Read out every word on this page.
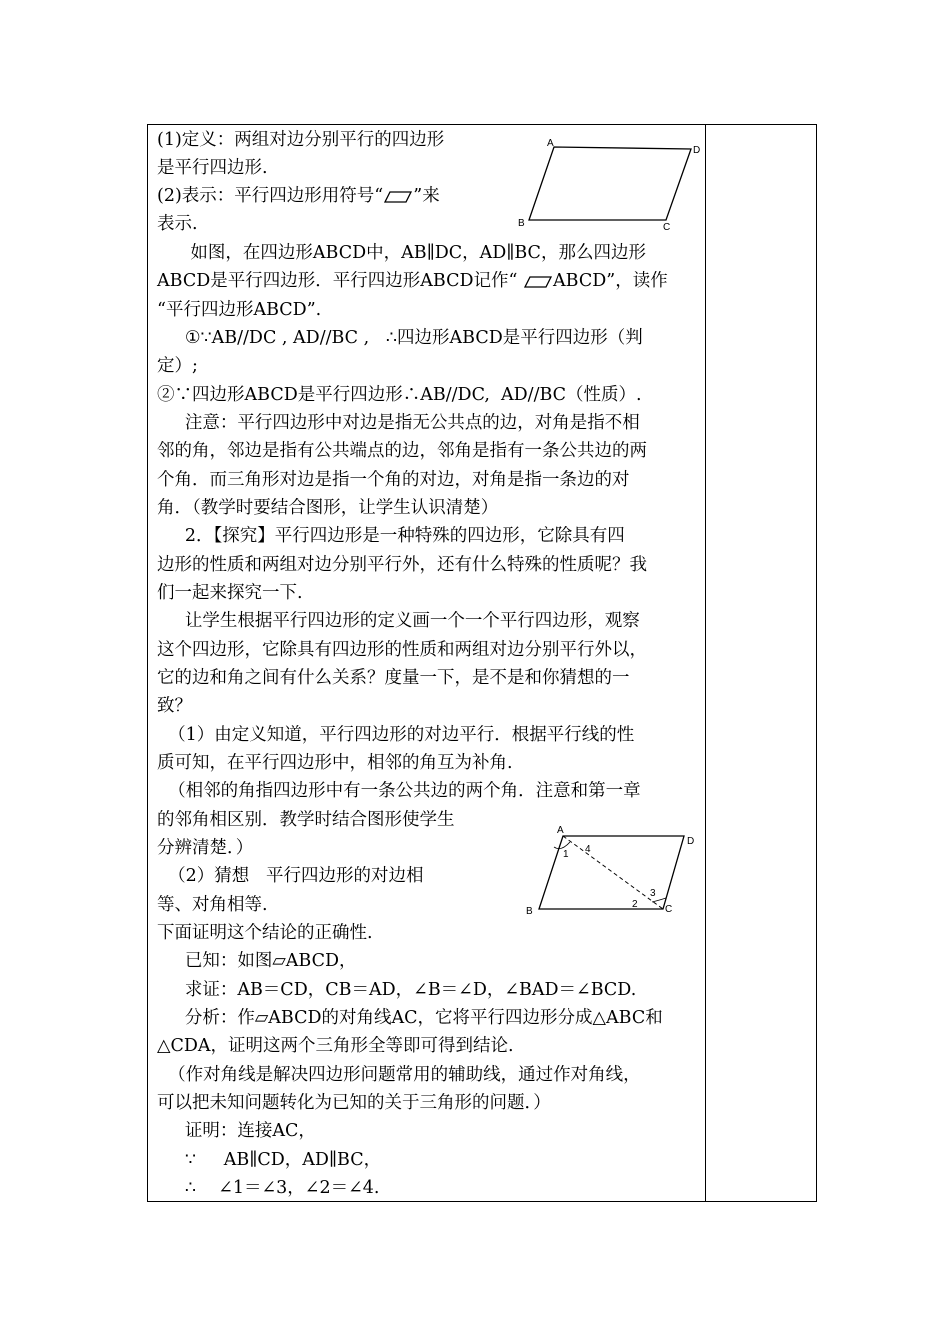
(1)定义：两组对边分别平行的四边形
是平行四边形.
(2)表示：平行四边形用符号“ ”来
表示.
如图，在四边形ABCD中，AB∥DC，AD∥BC，那么四边形
ABCD是平行四边形．平行四边形ABCD记作“ ABCD”，读作
“平行四边形ABCD”.
①∵AB//DC , AD//BC ,   ∴四边形ABCD是平行四边形（判
定）;
②∵四边形ABCD是平行四边形∴AB//DC,  AD//BC（性质）.
注意：平行四边形中对边是指无公共点的边，对角是指不相
邻的角，邻边是指有公共端点的边，邻角是指有一条公共边的两
个角．而三角形对边是指一个角的对边，对角是指一条边的对
角．（教学时要结合图形，让学生认识清楚）
2．【探究】平行四边形是一种特殊的四边形，它除具有四
边形的性质和两组对边分别平行外，还有什么特殊的性质呢？我
们一起来探究一下.
让学生根据平行四边形的定义画一个一个平行四边形，观察
这个四边形，它除具有四边形的性质和两组对边分别平行外以，
它的边和角之间有什么关系？度量一下，是不是和你猜想的一
致？
（1）由定义知道，平行四边形的对边平行．根据平行线的性
质可知，在平行四边形中，相邻的角互为补角.
（相邻的角指四边形中有一条公共边的两个角．注意和第一章
的邻角相区别．教学时结合图形使学生
分辨清楚．）
（2）猜想   平行四边形的对边相
等、对角相等.
下面证明这个结论的正确性.
已知：如图▱ABCD，
求证：AB＝CD，CB＝AD，∠B＝∠D，∠BAD＝∠BCD.
分析：作▱ABCD的对角线AC，它将平行四边形分成△ABC和
△CDA，证明这两个三角形全等即可得到结论.
（作对角线是解决四边形问题常用的辅助线，通过作对角线，
可以把未知问题转化为已知的关于三角形的问题．）
证明：连接AC，
∵     AB∥CD，AD∥BC，
∴    ∠1＝∠3，∠2＝∠4.
A
D
B	C
A
D
B	C
1 4
3
2
